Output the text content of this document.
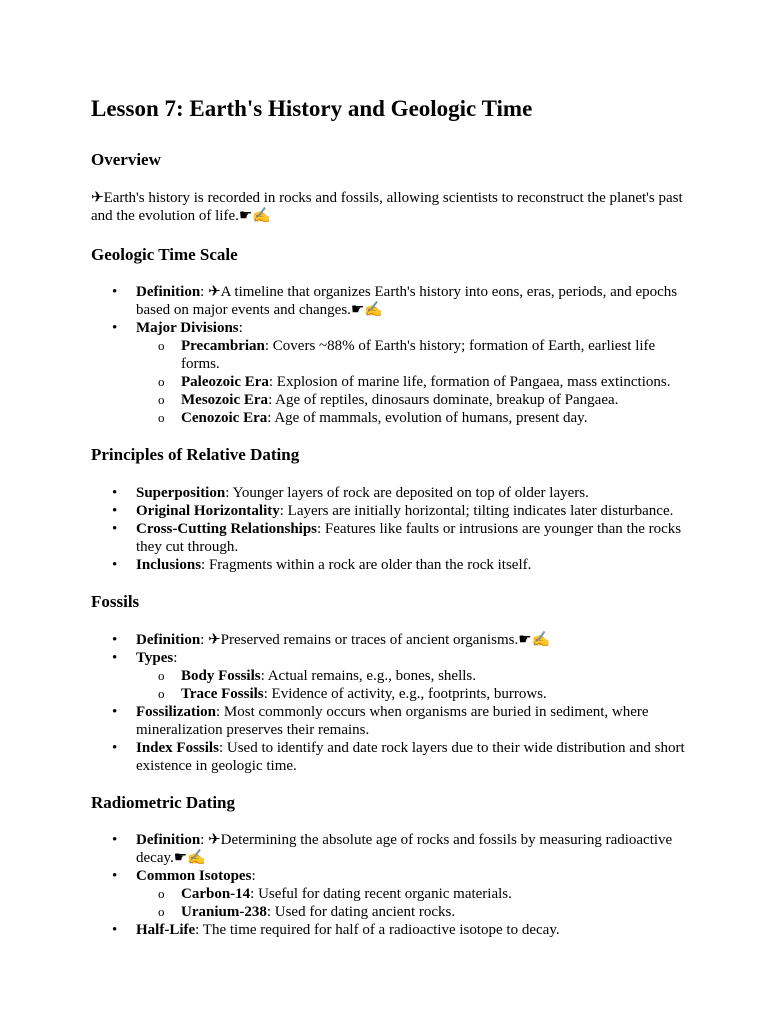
Lesson 7: Earth's History and Geologic Time
Overview

✈Earth's history is recorded in rocks and fossils, allowing scientists to reconstruct the planet's past and the evolution of life.☛✍

Geologic Time Scale
• Definition: ✈A timeline that organizes Earth's history into eons, eras, periods, and epochs based on major events and changes.☛✍
• Major Divisions:
o Precambrian: Covers ~88% of Earth's history; formation of Earth, earliest life forms.
o Paleozoic Era: Explosion of marine life, formation of Pangaea, mass extinctions.
o Mesozoic Era: Age of reptiles, dinosaurs dominate, breakup of Pangaea.
o Cenozoic Era: Age of mammals, evolution of humans, present day.
Principles of Relative Dating
• Superposition: Younger layers of rock are deposited on top of older layers.
• Original Horizontality: Layers are initially horizontal; tilting indicates later disturbance.
• Cross-Cutting Relationships: Features like faults or intrusions are younger than the rocks they cut through.
• Inclusions: Fragments within a rock are older than the rock itself.
Fossils
• Definition: ✈Preserved remains or traces of ancient organisms.☛✍
• Types:
o Body Fossils: Actual remains, e.g., bones, shells.
o Trace Fossils: Evidence of activity, e.g., footprints, burrows.
• Fossilization: Most commonly occurs when organisms are buried in sediment, where mineralization preserves their remains.
• Index Fossils: Used to identify and date rock layers due to their wide distribution and short existence in geologic time.
Radiometric Dating
• Definition: ✈Determining the absolute age of rocks and fossils by measuring radioactive decay.☛✍
• Common Isotopes:
o Carbon-14: Useful for dating recent organic materials.
o Uranium-238: Used for dating ancient rocks.
• Half-Life: The time required for half of a radioactive isotope to decay.
